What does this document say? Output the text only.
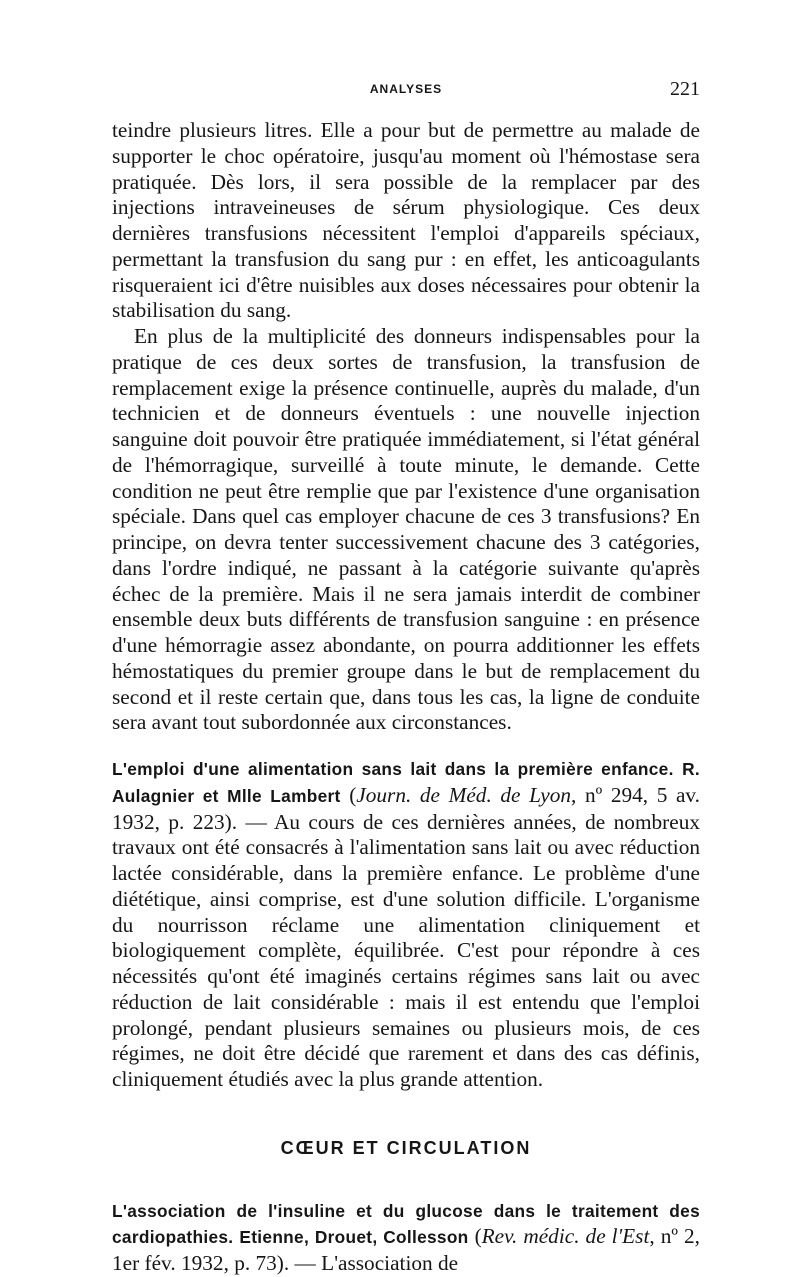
ANALYSES	221

teindre plusieurs litres. Elle a pour but de permettre au malade de supporter le choc opératoire, jusqu'au moment où l'hémostase sera pratiquée. Dès lors, il sera possible de la remplacer par des injections intraveineuses de sérum physiologique. Ces deux dernières transfusions nécessitent l'emploi d'appareils spéciaux, permettant la transfusion du sang pur : en effet, les anticoagulants risqueraient ici d'être nuisibles aux doses nécessaires pour obtenir la stabilisation du sang.

En plus de la multiplicité des donneurs indispensables pour la pratique de ces deux sortes de transfusion, la transfusion de remplacement exige la présence continuelle, auprès du malade, d'un technicien et de donneurs éventuels : une nouvelle injection sanguine doit pouvoir être pratiquée immédiatement, si l'état général de l'hémorragique, surveillé à toute minute, le demande. Cette condition ne peut être remplie que par l'existence d'une organisation spéciale. Dans quel cas employer chacune de ces 3 transfusions? En principe, on devra tenter successivement chacune des 3 catégories, dans l'ordre indiqué, ne passant à la catégorie suivante qu'après échec de la première. Mais il ne sera jamais interdit de combiner ensemble deux buts différents de transfusion sanguine : en présence d'une hémorragie assez abondante, on pourra additionner les effets hémostatiques du premier groupe dans le but de remplacement du second et il reste certain que, dans tous les cas, la ligne de conduite sera avant tout subordonnée aux circonstances.

L'emploi d'une alimentation sans lait dans la première enfance. R. Aulagnier et Mlle Lambert (Journ. de Méd. de Lyon, nº 294, 5 av. 1932, p. 223). — Au cours de ces dernières années, de nombreux travaux ont été consacrés à l'alimentation sans lait ou avec réduction lactée considérable, dans la première enfance. Le problème d'une diététique, ainsi comprise, est d'une solution difficile. L'organisme du nourrisson réclame une alimentation cliniquement et biologiquement complète, équilibrée. C'est pour répondre à ces nécessités qu'ont été imaginés certains régimes sans lait ou avec réduction de lait considérable : mais il est entendu que l'emploi prolongé, pendant plusieurs semaines ou plusieurs mois, de ces régimes, ne doit être décidé que rarement et dans des cas définis, cliniquement étudiés avec la plus grande attention.

CŒUR ET CIRCULATION

L'association de l'insuline et du glucose dans le traitement des cardiopathies. Etienne, Drouet, Collesson (Rev. médic. de l'Est, nº 2, 1er fév. 1932, p. 73). — L'association de
